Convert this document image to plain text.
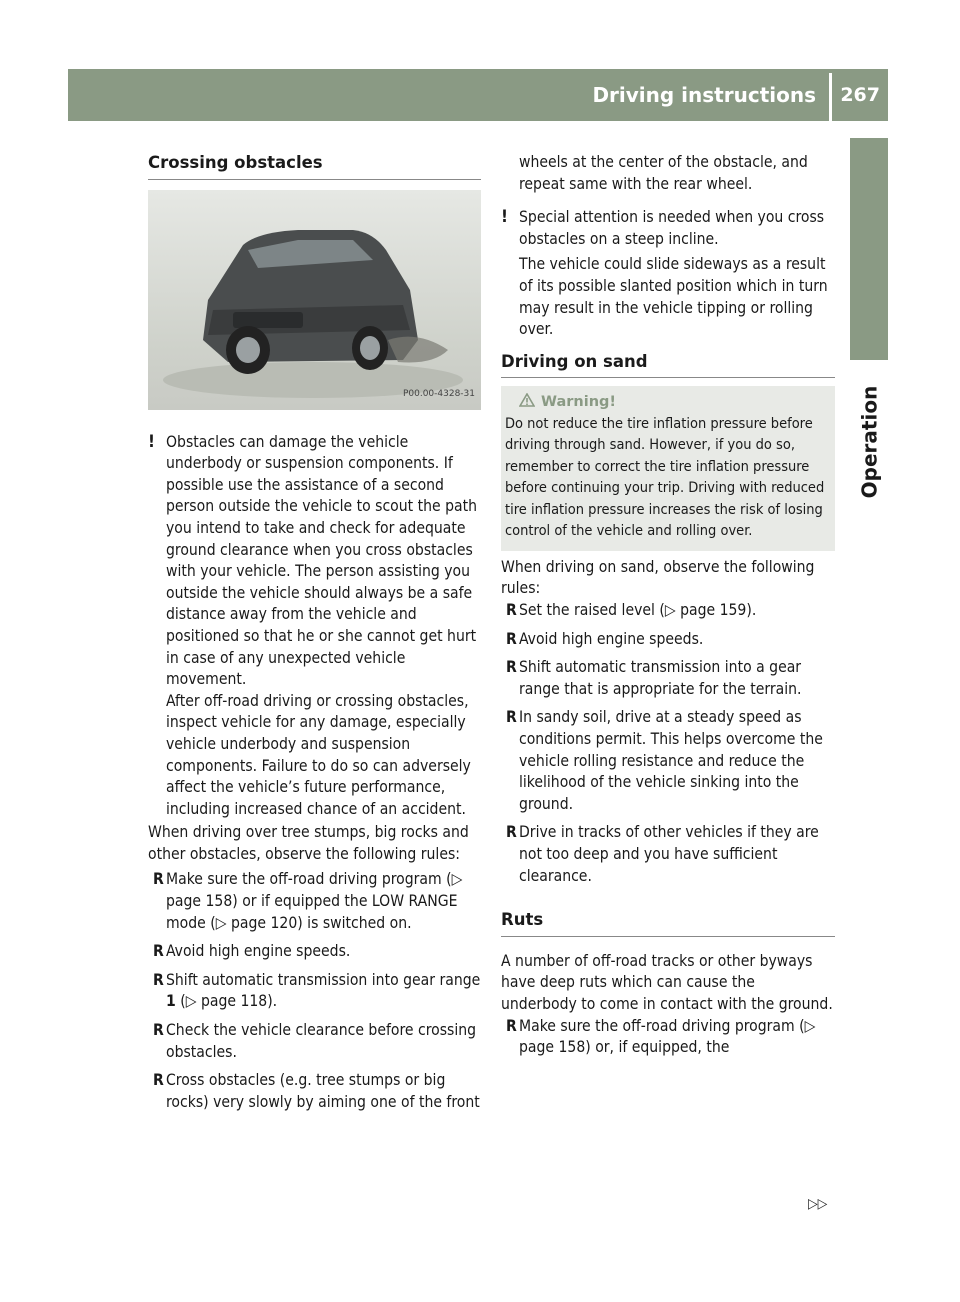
Driving instructions 267
Operation
Crossing obstacles
P00.00-4328-31
! Obstacles can damage the vehicle underbody or suspension components. If possible use the assistance of a second person outside the vehicle to scout the path you intend to take and check for adequate ground clearance when you cross obstacles with your vehicle. The person assisting you outside the vehicle should always be a safe distance away from the vehicle and positioned so that he or she cannot get hurt in case of any unexpected vehicle movement.

After off-road driving or crossing obstacles, inspect vehicle for any damage, especially vehicle underbody and suspension components. Failure to do so can adversely affect the vehicle’s future performance, including increased chance of an accident.

When driving over tree stumps, big rocks and other obstacles, observe the following rules:

R Make sure the off-road driving program (▷ page 158) or if equipped the LOW RANGE mode (▷ page 120) is switched on.
R Avoid high engine speeds.
R Shift automatic transmission into gear range 1 (▷ page 118).
R Check the vehicle clearance before crossing obstacles.
R Cross obstacles (e.g. tree stumps or big rocks) very slowly by aiming one of the front

wheels at the center of the obstacle, and repeat same with the rear wheel.

! Special attention is needed when you cross obstacles on a steep incline.

The vehicle could slide sideways as a result of its possible slanted position which in turn may result in the vehicle tipping or rolling over.

Driving on sand
Warning!

Do not reduce the tire inflation pressure before driving through sand. However, if you do so, remember to correct the tire inflation pressure before continuing your trip. Driving with reduced tire inflation pressure increases the risk of losing control of the vehicle and rolling over.

When driving on sand, observe the following rules:

R Set the raised level (▷ page 159).
R Avoid high engine speeds.
R Shift automatic transmission into a gear range that is appropriate for the terrain.
R In sandy soil, drive at a steady speed as conditions permit. This helps overcome the vehicle rolling resistance and reduce the likelihood of the vehicle sinking into the ground.
R Drive in tracks of other vehicles if they are not too deep and you have sufficient clearance.
Ruts

A number of off-road tracks or other byways have deep ruts which can cause the underbody to come in contact with the ground.

R Make sure the off-road driving program (▷ page 158) or, if equipped, the
▷▷
